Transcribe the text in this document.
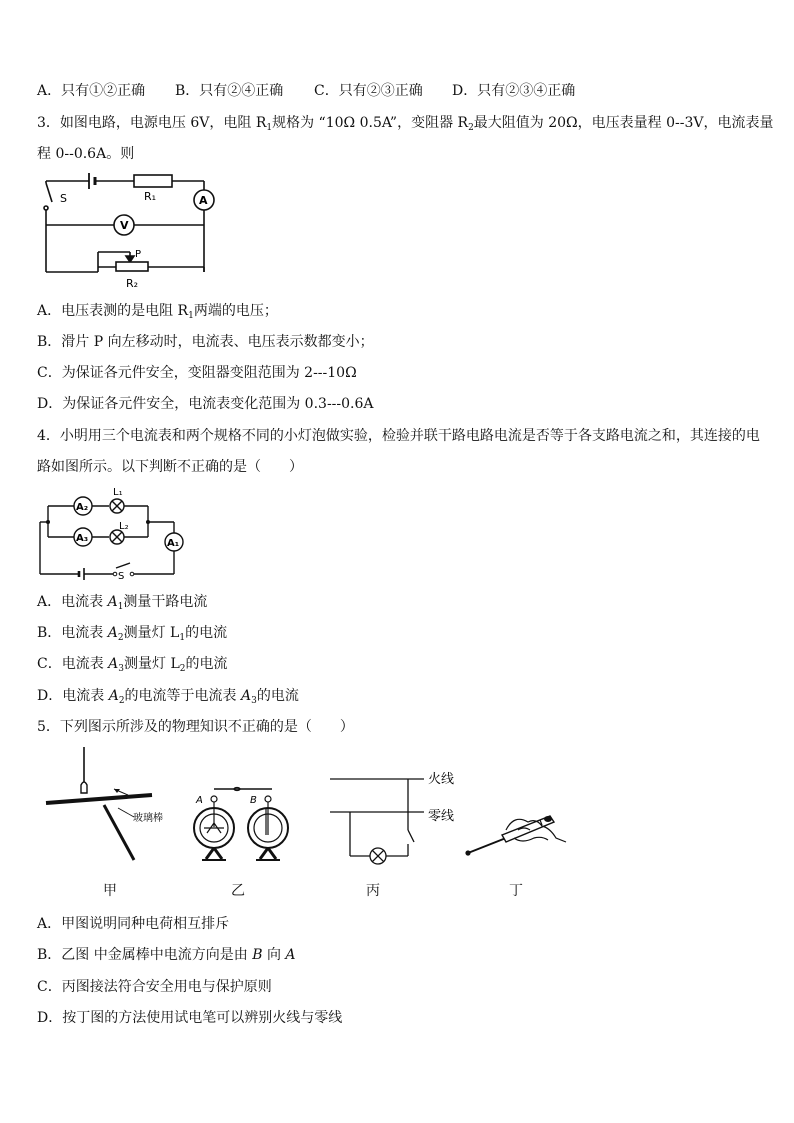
A．只有①②正确 B．只有②④正确 C．只有②③正确 D．只有②③④正确
3．如图电路，电源电压 6V，电阻 $R_1$规格为 “10Ω 0.5A”，变阻器 $R_2$最大阻值为 20Ω，电压表量程 0--3V，电流表量
程 0--0.6A。则
S	R₁	A
V
P
R₂
A．电压表测的是电阻 $R_1$两端的电压；
B．滑片 P 向左移动时，电流表、电压表示数都变小；
C．为保证各元件安全，变阻器变阻范围为 2---10Ω
D．为保证各元件安全，电流表变化范围为 0.3---0.6A
4．小明用三个电流表和两个规格不同的小灯泡做实验，检验并联干路电路电流是否等于各支路电流之和，其连接的电
路如图所示。以下判断不正确的是（　　）
A₂
A₃	A₁
L₁
L₂
S
A．电流表 $A_1$测量干路电流
B．电流表 $A_2$测量灯 $L_1$的电流
C．电流表 $A_3$测量灯 $L_2$的电流
D．电流表 $A_2$的电流等于电流表 $A_3$的电流
5．下列图示所涉及的物理知识不正确的是（　　）
玻璃棒
A	B
火线
零线
甲	乙	丙	丁
A．甲图说明同种电荷相互排斥
B．乙图 中金属棒中电流方向是由 B 向 A
C．丙图接法符合安全用电与保护原则
D．按丁图的方法使用试电笔可以辨别火线与零线
